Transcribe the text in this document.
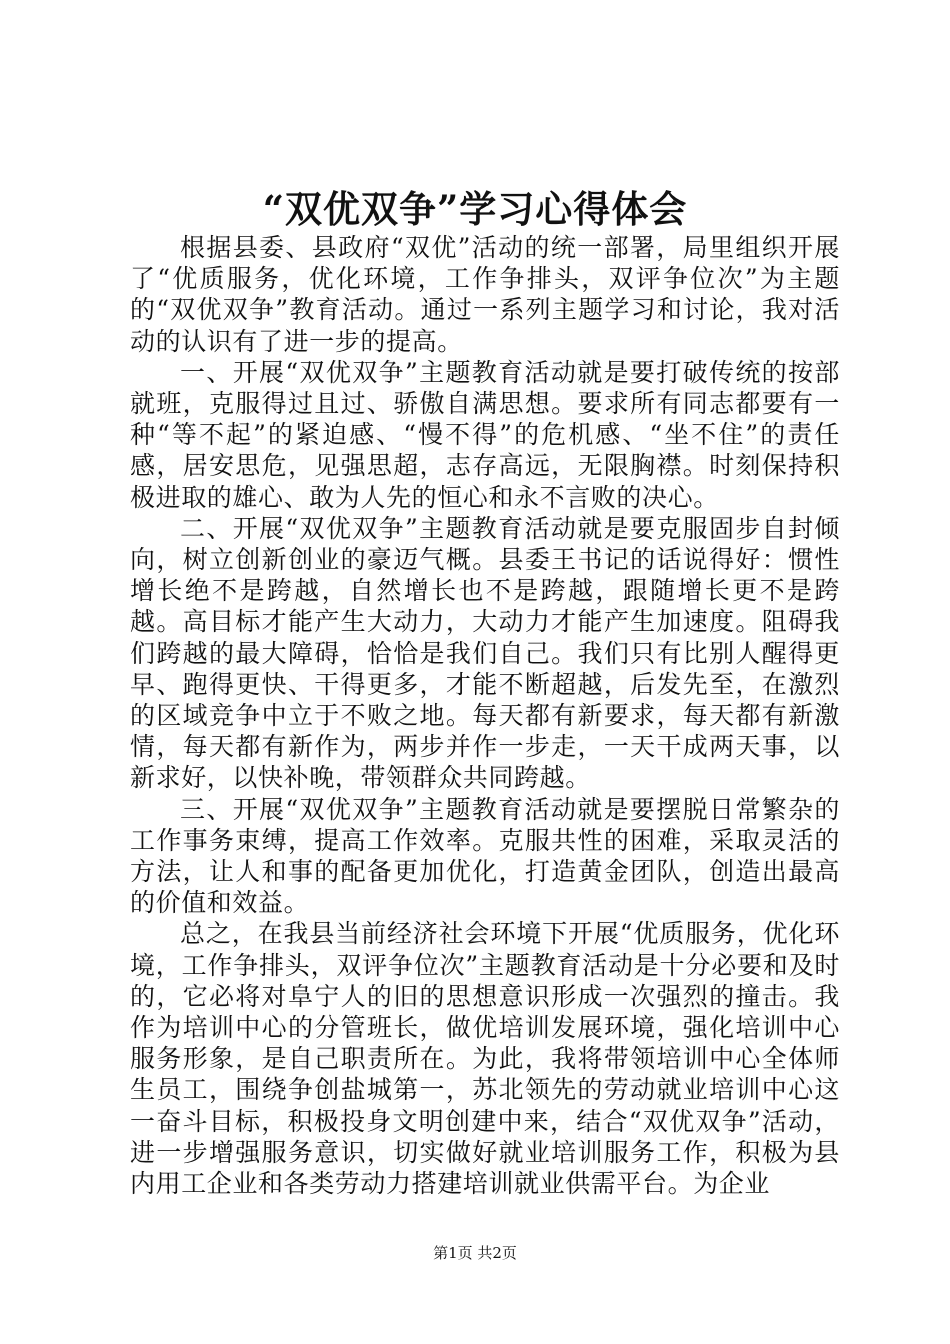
“双优双争”学习心得体会

根据县委、县政府“双优”活动的统一部署，局里组织开展了“优质服务，优化环境，工作争排头，双评争位次”为主题的“双优双争”教育活动。通过一系列主题学习和讨论，我对活动的认识有了进一步的提高。

一、开展“双优双争”主题教育活动就是要打破传统的按部就班，克服得过且过、骄傲自满思想。要求所有同志都要有一种“等不起”的紧迫感、“慢不得”的危机感、“坐不住”的责任感，居安思危，见强思超，志存高远，无限胸襟。时刻保持积极进取的雄心、敢为人先的恒心和永不言败的决心。

二、开展“双优双争”主题教育活动就是要克服固步自封倾向，树立创新创业的豪迈气概。县委王书记的话说得好：惯性增长绝不是跨越，自然增长也不是跨越，跟随增长更不是跨越。高目标才能产生大动力，大动力才能产生加速度。阻碍我们跨越的最大障碍，恰恰是我们自己。我们只有比别人醒得更早、跑得更快、干得更多，才能不断超越，后发先至，在激烈的区域竞争中立于不败之地。每天都有新要求，每天都有新激情，每天都有新作为，两步并作一步走，一天干成两天事，以新求好，以快补晚，带领群众共同跨越。

三、开展“双优双争”主题教育活动就是要摆脱日常繁杂的工作事务束缚，提高工作效率。克服共性的困难，采取灵活的方法，让人和事的配备更加优化，打造黄金团队，创造出最高的价值和效益。

总之，在我县当前经济社会环境下开展“优质服务，优化环境，工作争排头，双评争位次”主题教育活动是十分必要和及时的，它必将对阜宁人的旧的思想意识形成一次强烈的撞击。我作为培训中心的分管班长，做优培训发展环境，强化培训中心服务形象，是自己职责所在。为此，我将带领培训中心全体师生员工，围绕争创盐城第一，苏北领先的劳动就业培训中心这一奋斗目标，积极投身文明创建中来，结合“双优双争”活动，进一步增强服务意识，切实做好就业培训服务工作，积极为县内用工企业和各类劳动力搭建培训就业供需平台。为企业

第1页 共2页
